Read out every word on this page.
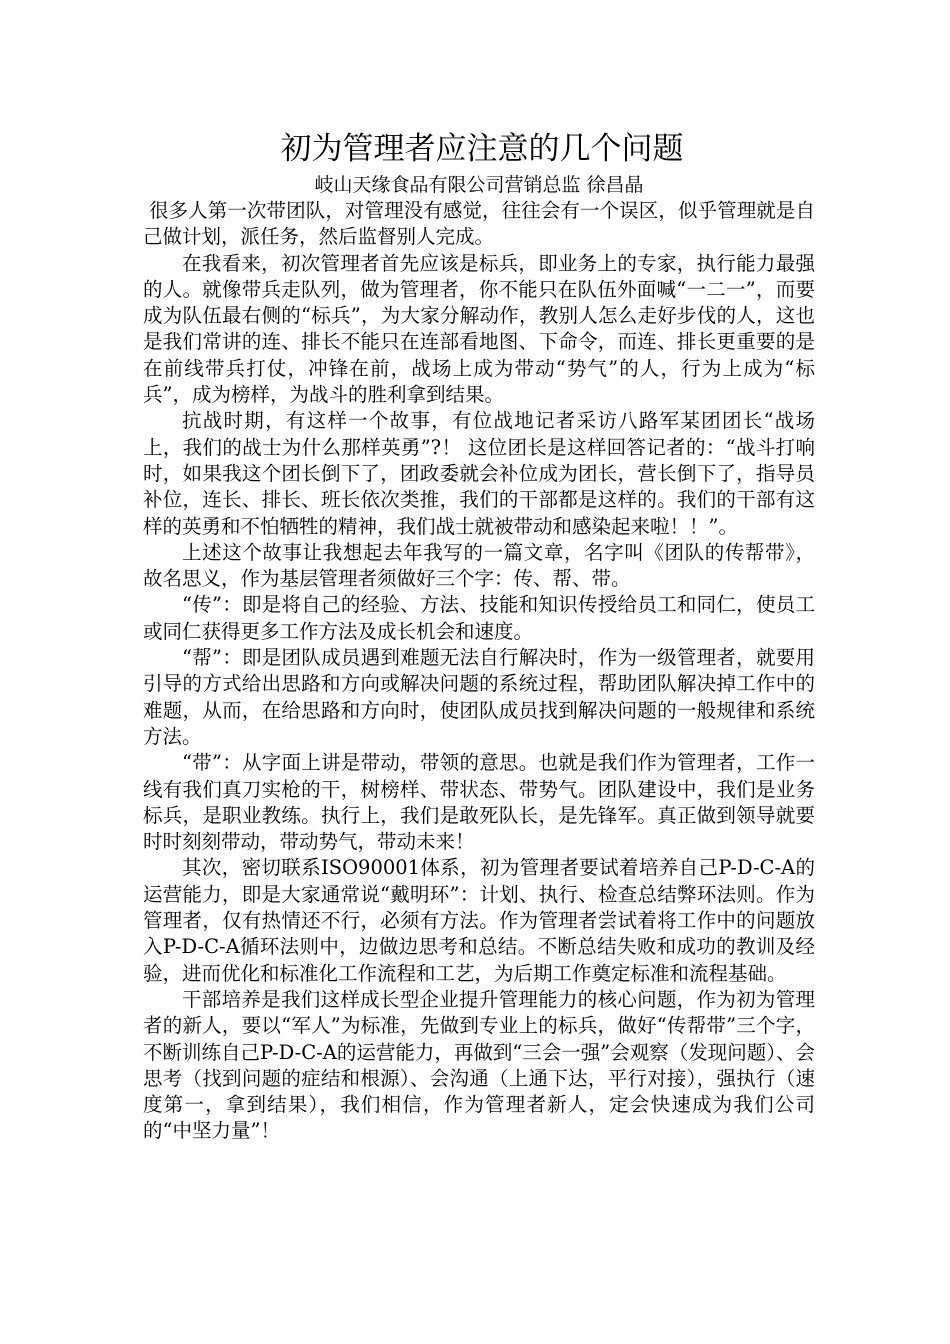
初为管理者应注意的几个问题
岐山天缘食品有限公司营销总监 徐昌晶

很多人第一次带团队，对管理没有感觉，往往会有一个误区，似乎管理就是自己做计划，派任务，然后监督别人完成。

在我看来，初次管理者首先应该是标兵，即业务上的专家，执行能力最强的人。就像带兵走队列，做为管理者，你不能只在队伍外面喊“一二一”，而要成为队伍最右侧的“标兵”，为大家分解动作，教别人怎么走好步伐的人，这也是我们常讲的连、排长不能只在连部看地图、下命令，而连、排长更重要的是在前线带兵打仗，冲锋在前，战场上成为带动“势气”的人，行为上成为“标兵”，成为榜样，为战斗的胜利拿到结果。

抗战时期，有这样一个故事，有位战地记者采访八路军某团团长“战场上，我们的战士为什么那样英勇”?！ 这位团长是这样回答记者的：“战斗打响时，如果我这个团长倒下了，团政委就会补位成为团长，营长倒下了，指导员补位，连长、排长、班长依次类推，我们的干部都是这样的。我们的干部有这样的英勇和不怕牺牲的精神，我们战士就被带动和感染起来啦！！”。

上述这个故事让我想起去年我写的一篇文章，名字叫《团队的传帮带》，故名思义，作为基层管理者须做好三个字：传、帮、带。

“传”：即是将自己的经验、方法、技能和知识传授给员工和同仁，使员工或同仁获得更多工作方法及成长机会和速度。

“帮”：即是团队成员遇到难题无法自行解决时，作为一级管理者，就要用引导的方式给出思路和方向或解决问题的系统过程，帮助团队解决掉工作中的难题，从而，在给思路和方向时，使团队成员找到解决问题的一般规律和系统方法。

“带”：从字面上讲是带动，带领的意思。也就是我们作为管理者，工作一线有我们真刀实枪的干，树榜样、带状态、带势气。团队建设中，我们是业务标兵，是职业教练。执行上，我们是敢死队长，是先锋军。真正做到领导就要时时刻刻带动，带动势气，带动未来！

其次，密切联系ISO90001体系，初为管理者要试着培养自己P-D-C-A的运营能力，即是大家通常说“戴明环”：计划、执行、检查总结弊环法则。作为管理者，仅有热情还不行，必须有方法。作为管理者尝试着将工作中的问题放入P-D-C-A循环法则中，边做边思考和总结。不断总结失败和成功的教训及经验，进而优化和标准化工作流程和工艺，为后期工作奠定标准和流程基础。

干部培养是我们这样成长型企业提升管理能力的核心问题，作为初为管理者的新人，要以“军人”为标准，先做到专业上的标兵，做好“传帮带”三个字，不断训练自己P-D-C-A的运营能力，再做到“三会一强”会观察（发现问题）、会思考（找到问题的症结和根源）、会沟通（上通下达，平行对接），强执行（速度第一，拿到结果），我们相信，作为管理者新人，定会快速成为我们公司的“中坚力量”！
